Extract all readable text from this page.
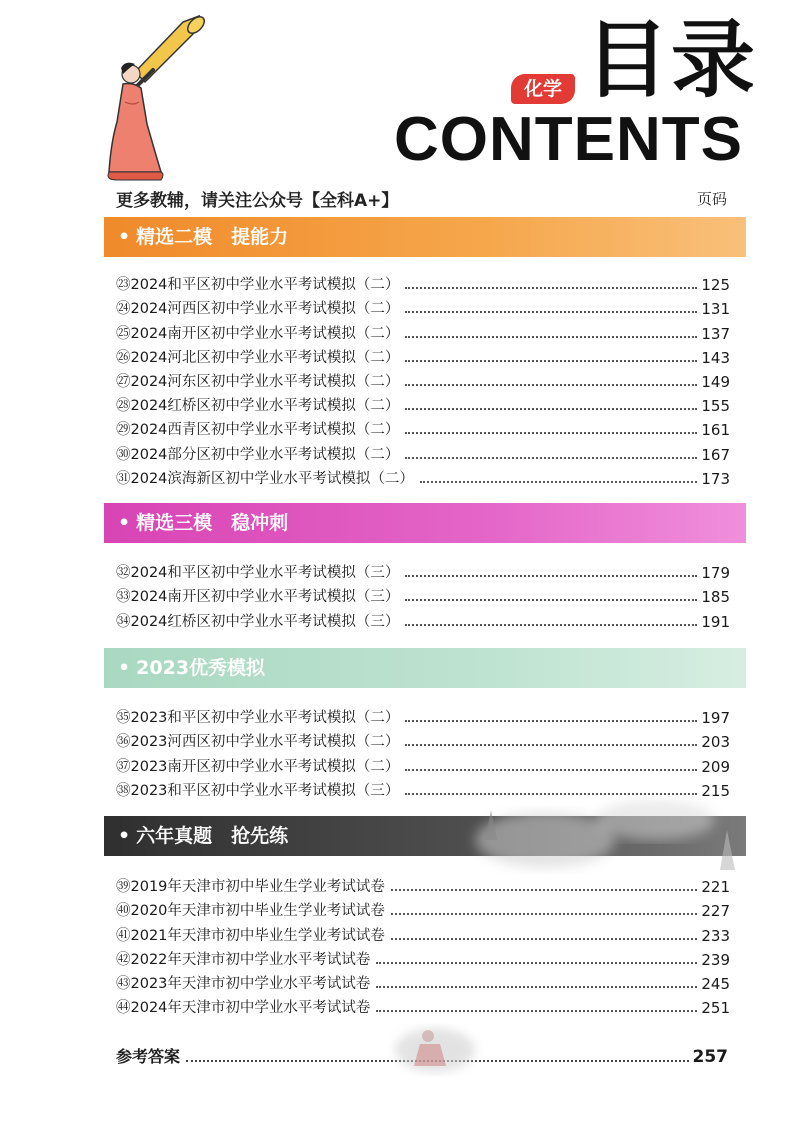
化学 目录
CONTENTS
更多教辅，请关注公众号【全科A+】	页码
• 精选二模　提能力
㉓ 2024和平区初中学业水平考试模拟（二）	125
㉔ 2024河西区初中学业水平考试模拟（二）	131
㉕ 2024南开区初中学业水平考试模拟（二）	137
㉖ 2024河北区初中学业水平考试模拟（二）	143
㉗ 2024河东区初中学业水平考试模拟（二）	149
㉘ 2024红桥区初中学业水平考试模拟（二）	155
㉙ 2024西青区初中学业水平考试模拟（二）	161
㉚ 2024部分区初中学业水平考试模拟（二）	167
㉛ 2024滨海新区初中学业水平考试模拟（二）	173
• 精选三模　稳冲刺
㉜ 2024和平区初中学业水平考试模拟（三）	179
㉝ 2024南开区初中学业水平考试模拟（三）	185
㉞ 2024红桥区初中学业水平考试模拟（三）	191
• 2023优秀模拟
㉟ 2023和平区初中学业水平考试模拟（二）	197
㊱ 2023河西区初中学业水平考试模拟（二）	203
㊲ 2023南开区初中学业水平考试模拟（二）	209
㊳ 2023和平区初中学业水平考试模拟（三）	215
• 六年真题　抢先练
㊴ 2019年天津市初中毕业生学业考试试卷	221
㊵ 2020年天津市初中毕业生学业考试试卷	227
㊶ 2021年天津市初中毕业生学业考试试卷	233
㊷ 2022年天津市初中学业水平考试试卷	239
㊸ 2023年天津市初中学业水平考试试卷	245
㊹ 2024年天津市初中学业水平考试试卷	251
参考答案	257
